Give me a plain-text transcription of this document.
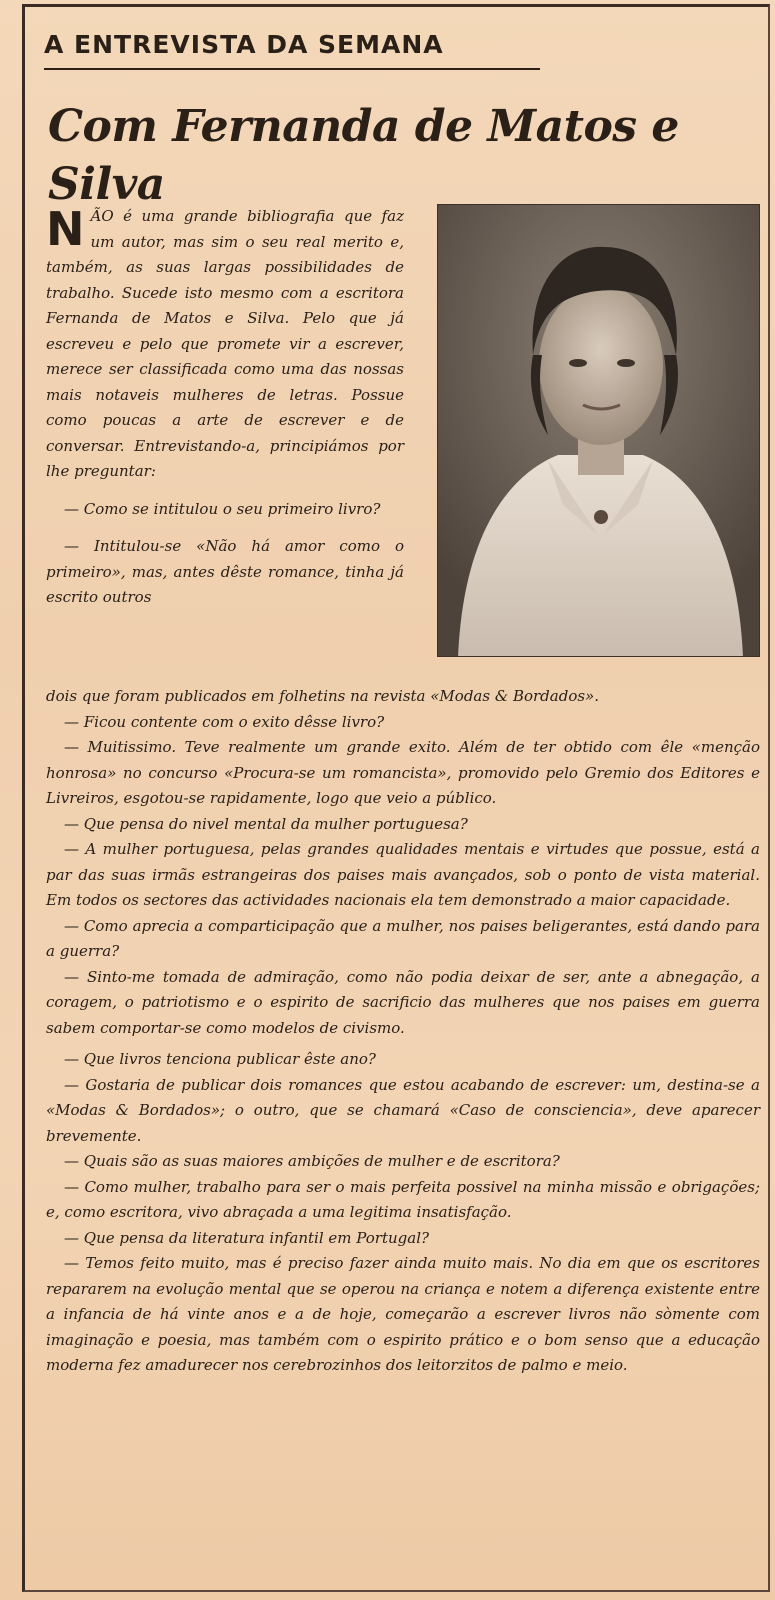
A ENTREVISTA DA SEMANA
Com Fernanda de Matos e Silva

NÃO é uma grande bibliografia que faz um autor, mas sim o seu real merito e, também, as suas largas possibilidades de trabalho. Sucede isto mesmo com a escritora Fernanda de Matos e Silva. Pelo que já escreveu e pelo que promete vir a escrever, merece ser classificada como uma das nossas mais notaveis mulheres de letras. Possue como poucas a arte de escrever e de conversar. Entrevistando-a, principiámos por lhe preguntar:

— Como se intitulou o seu primeiro livro?

— Intitulou-se «Não há amor como o primeiro», mas, antes dêste romance, tinha já escrito outros

dois que foram publicados em folhetins na revista «Modas & Bordados».

— Ficou contente com o exito dêsse livro?

— Muitissimo. Teve realmente um grande exito. Além de ter obtido com êle «menção honrosa» no concurso «Procura-se um romancista», promovido pelo Gremio dos Editores e Livreiros, esgotou-se rapidamente, logo que veio a público.

— Que pensa do nivel mental da mulher portuguesa?

— A mulher portuguesa, pelas grandes qualidades mentais e virtudes que possue, está a par das suas irmãs estrangeiras dos paises mais avançados, sob o ponto de vista material. Em todos os sectores das actividades nacionais ela tem demonstrado a maior capacidade.

— Como aprecia a comparticipação que a mulher, nos paises beligerantes, está dando para a guerra?

— Sinto-me tomada de admiração, como não podia deixar de ser, ante a abnegação, a coragem, o patriotismo e o espirito de sacrificio das mulheres que nos paises em guerra sabem comportar-se como modelos de civismo.

— Que livros tenciona publicar êste ano?

— Gostaria de publicar dois romances que estou acabando de escrever: um, destina-se a «Modas & Bordados»; o outro, que se chamará «Caso de consciencia», deve aparecer brevemente.

— Quais são as suas maiores ambições de mulher e de escritora?

— Como mulher, trabalho para ser o mais perfeita possivel na minha missão e obrigações; e, como escritora, vivo abraçada a uma legitima insatisfação.

— Que pensa da literatura infantil em Portugal?

— Temos feito muito, mas é preciso fazer ainda muito mais. No dia em que os escritores repararem na evolução mental que se operou na criança e notem a diferença existente entre a infancia de há vinte anos e a de hoje, começarão a escrever livros não sòmente com imaginação e poesia, mas também com o espirito prático e o bom senso que a educação moderna fez amadurecer nos cerebrozinhos dos leitorzitos de palmo e meio.
